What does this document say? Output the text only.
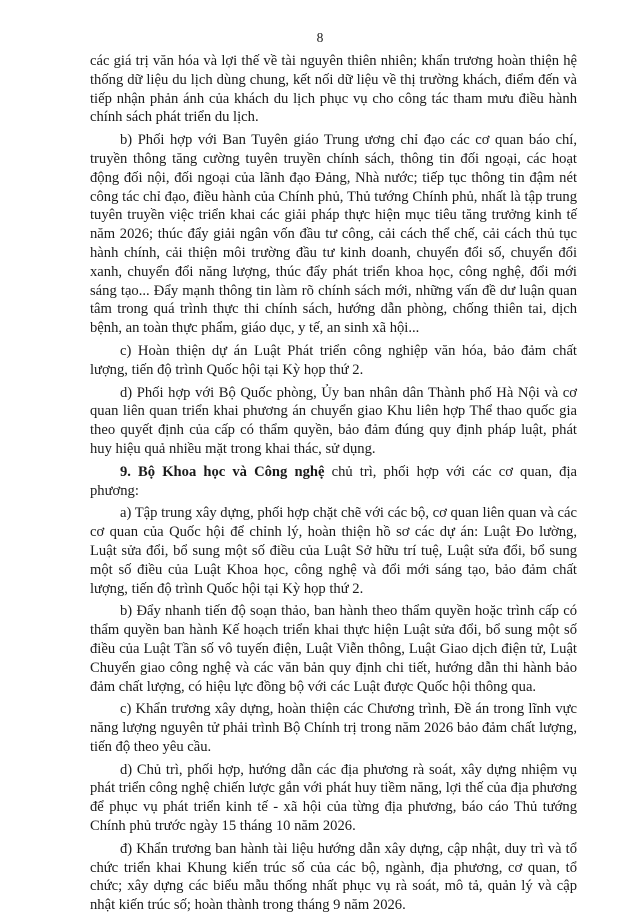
8

các giá trị văn hóa và lợi thế về tài nguyên thiên nhiên; khẩn trương hoàn thiện hệ thống dữ liệu du lịch dùng chung, kết nối dữ liệu về thị trường khách, điểm đến và tiếp nhận phản ánh của khách du lịch phục vụ cho công tác tham mưu điều hành chính sách phát triển du lịch.

b) Phối hợp với Ban Tuyên giáo Trung ương chỉ đạo các cơ quan báo chí, truyền thông tăng cường tuyên truyền chính sách, thông tin đối ngoại, các hoạt động đối nội, đối ngoại của lãnh đạo Đảng, Nhà nước; tiếp tục thông tin đậm nét công tác chỉ đạo, điều hành của Chính phủ, Thủ tướng Chính phủ, nhất là tập trung tuyên truyền việc triển khai các giải pháp thực hiện mục tiêu tăng trưởng kinh tế năm 2026; thúc đẩy giải ngân vốn đầu tư công, cải cách thể chế, cải cách thủ tục hành chính, cải thiện môi trường đầu tư kinh doanh, chuyển đổi số, chuyển đổi xanh, chuyển đổi năng lượng, thúc đẩy phát triển khoa học, công nghệ, đổi mới sáng tạo... Đẩy mạnh thông tin làm rõ chính sách mới, những vấn đề dư luận quan tâm trong quá trình thực thi chính sách, hướng dẫn phòng, chống thiên tai, dịch bệnh, an toàn thực phẩm, giáo dục, y tế, an sinh xã hội...

c) Hoàn thiện dự án Luật Phát triển công nghiệp văn hóa, bảo đảm chất lượng, tiến độ trình Quốc hội tại Kỳ họp thứ 2.

d) Phối hợp với Bộ Quốc phòng, Ủy ban nhân dân Thành phố Hà Nội và cơ quan liên quan triển khai phương án chuyển giao Khu liên hợp Thể thao quốc gia theo quyết định của cấp có thẩm quyền, bảo đảm đúng quy định pháp luật, phát huy hiệu quả nhiều mặt trong khai thác, sử dụng.

9. Bộ Khoa học và Công nghệ chủ trì, phối hợp với các cơ quan, địa phương:

a) Tập trung xây dựng, phối hợp chặt chẽ với các bộ, cơ quan liên quan và các cơ quan của Quốc hội để chỉnh lý, hoàn thiện hồ sơ các dự án: Luật Đo lường, Luật sửa đổi, bổ sung một số điều của Luật Sở hữu trí tuệ, Luật sửa đổi, bổ sung một số điều của Luật Khoa học, công nghệ và đổi mới sáng tạo, bảo đảm chất lượng, tiến độ trình Quốc hội tại Kỳ họp thứ 2.

b) Đẩy nhanh tiến độ soạn thảo, ban hành theo thẩm quyền hoặc trình cấp có thẩm quyền ban hành Kế hoạch triển khai thực hiện Luật sửa đổi, bổ sung một số điều của Luật Tần số vô tuyến điện, Luật Viễn thông, Luật Giao dịch điện tử, Luật Chuyển giao công nghệ và các văn bản quy định chi tiết, hướng dẫn thi hành bảo đảm chất lượng, có hiệu lực đồng bộ với các Luật được Quốc hội thông qua.

c) Khẩn trương xây dựng, hoàn thiện các Chương trình, Đề án trong lĩnh vực năng lượng nguyên tử phải trình Bộ Chính trị trong năm 2026 bảo đảm chất lượng, tiến độ theo yêu cầu.

d) Chủ trì, phối hợp, hướng dẫn các địa phương rà soát, xây dựng nhiệm vụ phát triển công nghệ chiến lược gắn với phát huy tiềm năng, lợi thế của địa phương để phục vụ phát triển kinh tế - xã hội của từng địa phương, báo cáo Thủ tướng Chính phủ trước ngày 15 tháng 10 năm 2026.

đ) Khẩn trương ban hành tài liệu hướng dẫn xây dựng, cập nhật, duy trì và tổ chức triển khai Khung kiến trúc số của các bộ, ngành, địa phương, cơ quan, tổ chức; xây dựng các biểu mẫu thống nhất phục vụ rà soát, mô tả, quản lý và cập nhật kiến trúc số; hoàn thành trong tháng 9 năm 2026.
